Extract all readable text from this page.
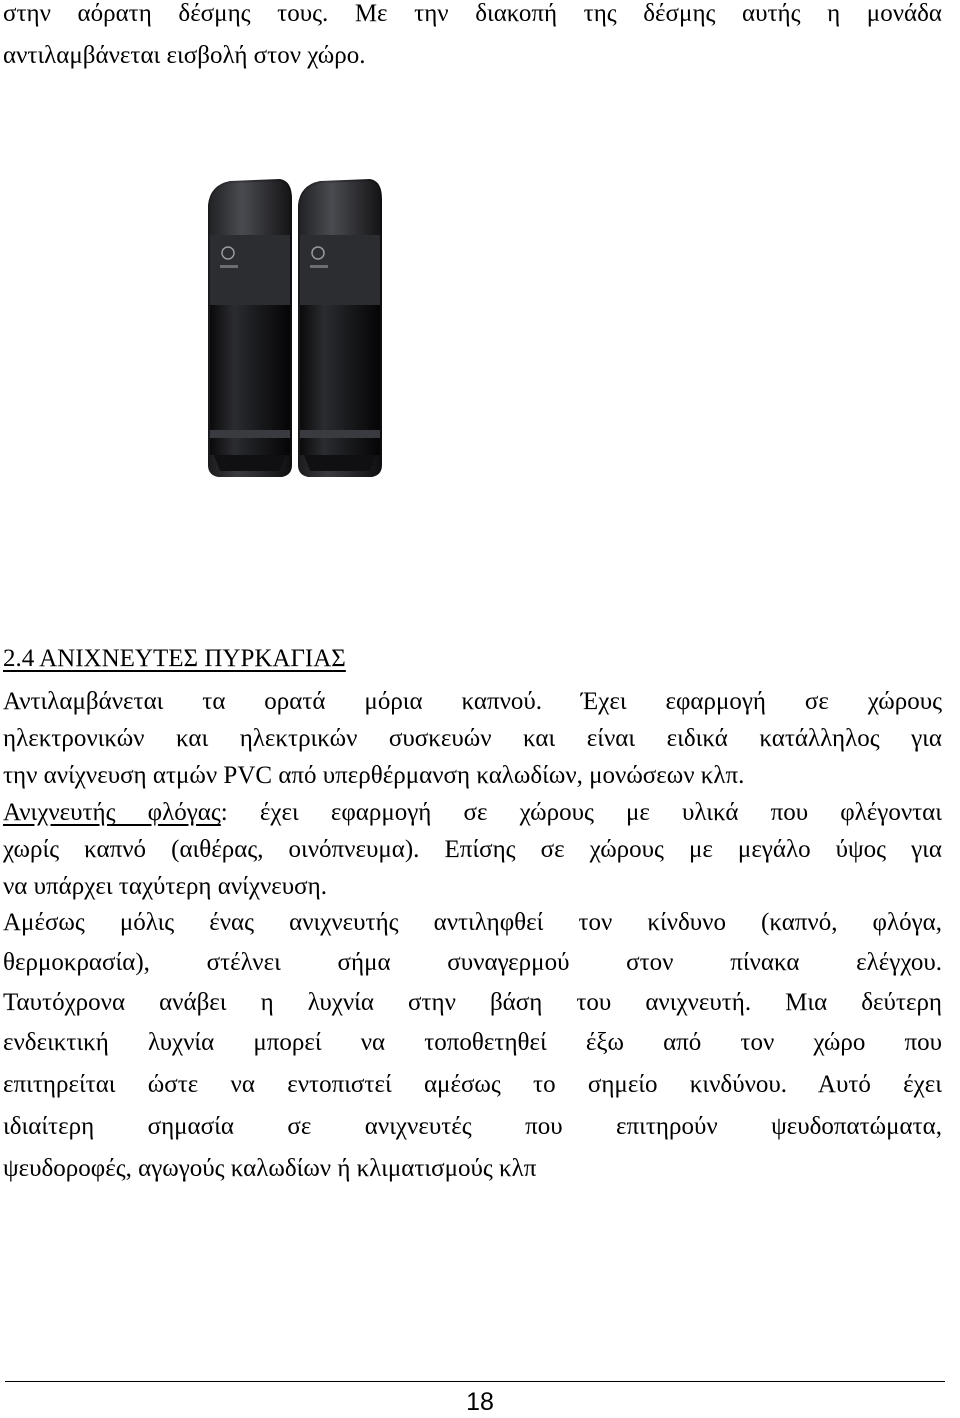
στην αόρατη δέσμης τους. Με την διακοπή της δέσμης αυτής η μονάδα

αντιλαμβάνεται εισβολή στον χώρο.

2.4 ΑΝΙΧΝΕΥΤΕΣ ΠΥΡΚΑΓΙΑΣ

Αντιλαμβάνεται τα ορατά μόρια καπνού. Έχει εφαρμογή σε χώρους

ηλεκτρονικών και ηλεκτρικών συσκευών και είναι ειδικά κατάλληλος για

την ανίχνευση ατμών PVC από υπερθέρμανση καλωδίων, μονώσεων κλπ.

Ανιχνευτής φλόγας: έχει εφαρμογή σε χώρους με υλικά που φλέγονται

χωρίς καπνό (αιθέρας, οινόπνευμα). Επίσης σε χώρους με μεγάλο ύψος για

να υπάρχει ταχύτερη ανίχνευση.

Αμέσως μόλις ένας ανιχνευτής αντιληφθεί τον κίνδυνο (καπνό, φλόγα,

θερμοκρασία), στέλνει σήμα συναγερμού στον πίνακα ελέγχου.

Ταυτόχρονα ανάβει η λυχνία στην βάση του ανιχνευτή. Μια δεύτερη

ενδεικτική λυχνία μπορεί να τοποθετηθεί έξω από τον χώρο που

επιτηρείται ώστε να εντοπιστεί αμέσως το σημείο κινδύνου. Αυτό έχει

ιδιαίτερη σημασία σε ανιχνευτές που επιτηρούν ψευδοπατώματα,

ψευδοροφές, αγωγούς καλωδίων ή κλιματισμούς κλπ

18
